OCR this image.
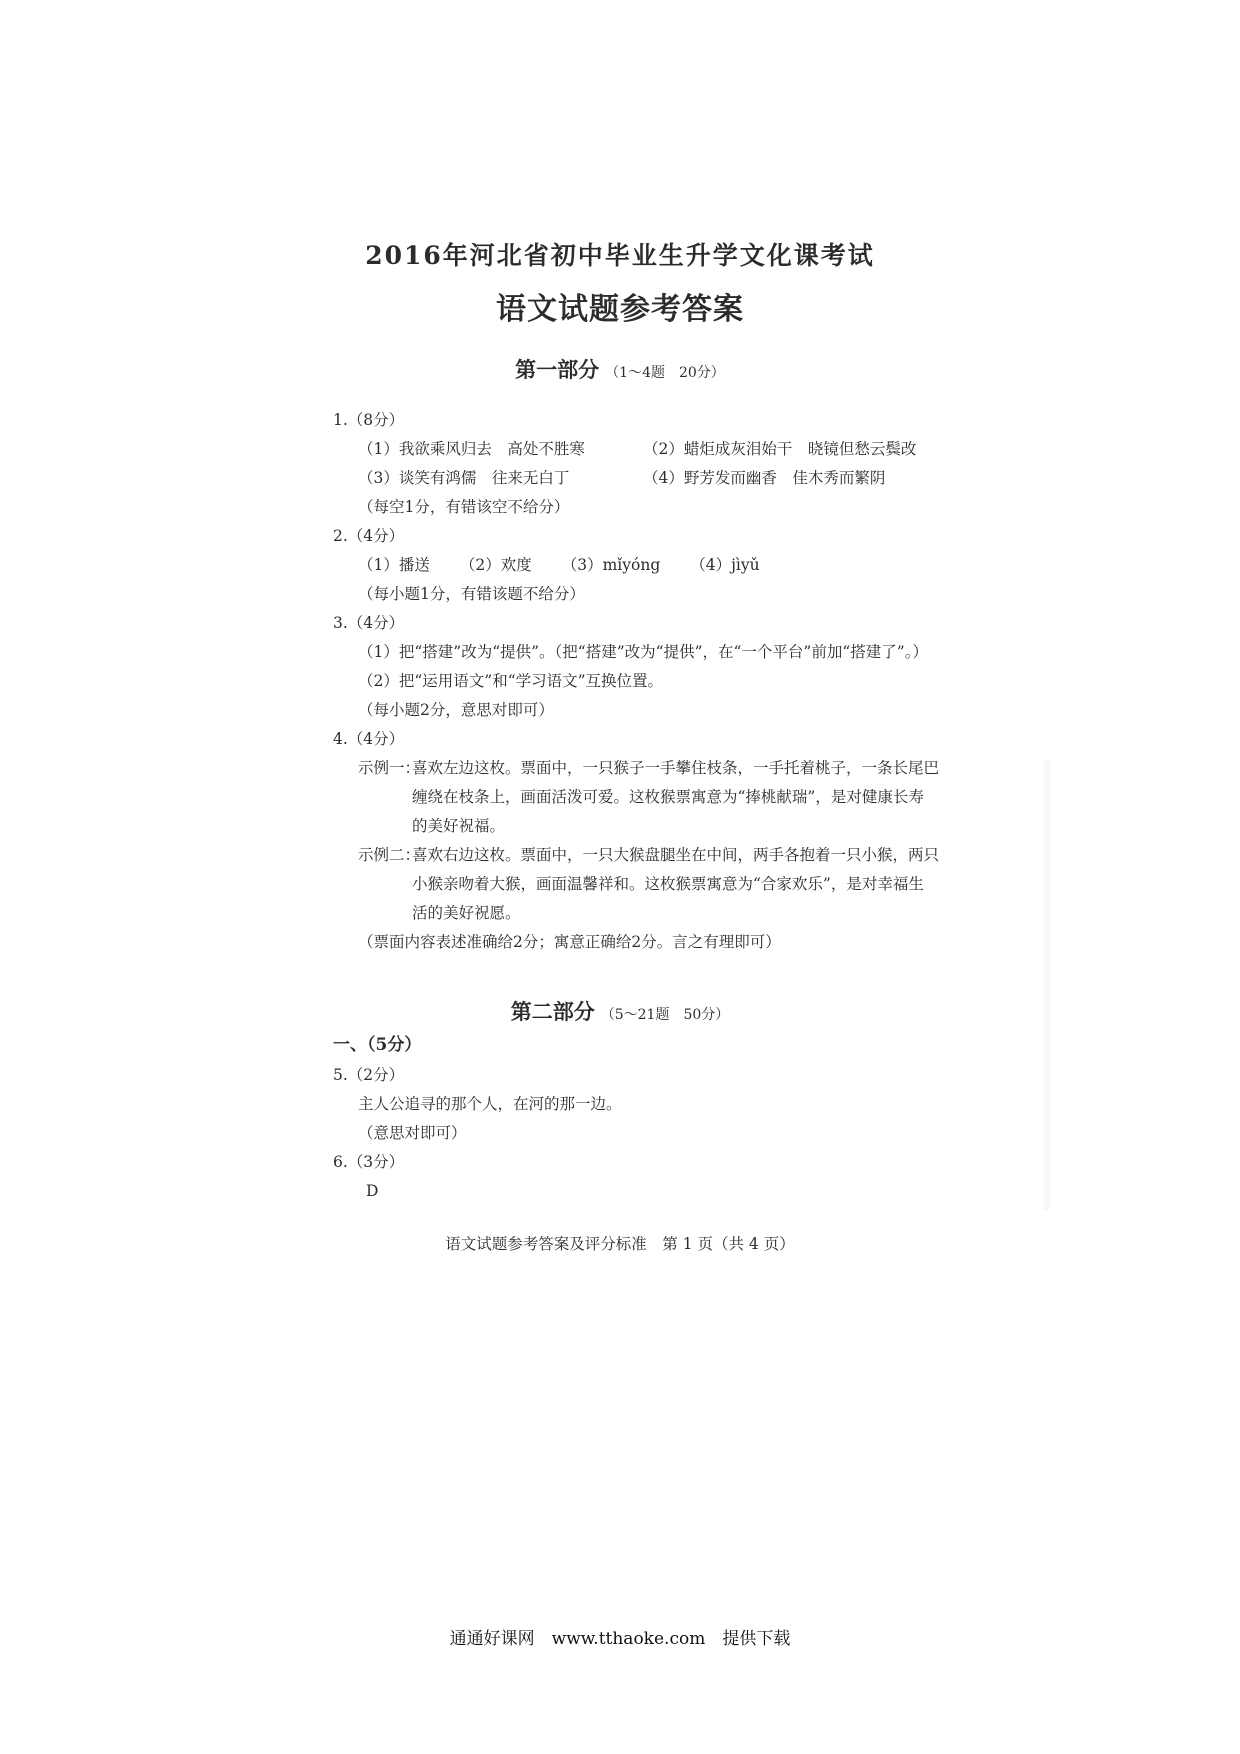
2016年河北省初中毕业生升学文化课考试
语文试题参考答案
第一部分 （1～4题　20分）
1.（8分）
（1）我欲乘风归去　高处不胜寒	（2）蜡炬成灰泪始干　晓镜但愁云鬓改
（3）谈笑有鸿儒　往来无白丁	（4）野芳发而幽香　佳木秀而繁阴
（每空1分，有错该空不给分）
2.（4分）
（1）播送 （2）欢度 （3）mǐyóng （4）jìyǔ
（每小题1分，有错该题不给分）
3.（4分）
（1）把“搭建”改为“提供”。（把“搭建”改为“提供”，在“一个平台”前加“搭建了”。）
（2）把“运用语文”和“学习语文”互换位置。
（每小题2分，意思对即可）
4.（4分）
示例一：
喜欢左边这枚。票面中，一只猴子一手攀住枝条，一手托着桃子，一条长尾巴
缠绕在枝条上，画面活泼可爱。这枚猴票寓意为“捧桃献瑞”，是对健康长寿
的美好祝福。
示例二：
喜欢右边这枚。票面中，一只大猴盘腿坐在中间，两手各抱着一只小猴，两只
小猴亲吻着大猴，画面温馨祥和。这枚猴票寓意为“合家欢乐”，是对幸福生
活的美好祝愿。
（票面内容表述准确给2分；寓意正确给2分。言之有理即可）
第二部分 （5～21题　50分）
一、（5分）
5.（2分）
主人公追寻的那个人，在河的那一边。
（意思对即可）
6.（3分）
D
语文试题参考答案及评分标准　第 1 页（共 4 页）
通通好课网　www.tthaoke.com　提供下载
